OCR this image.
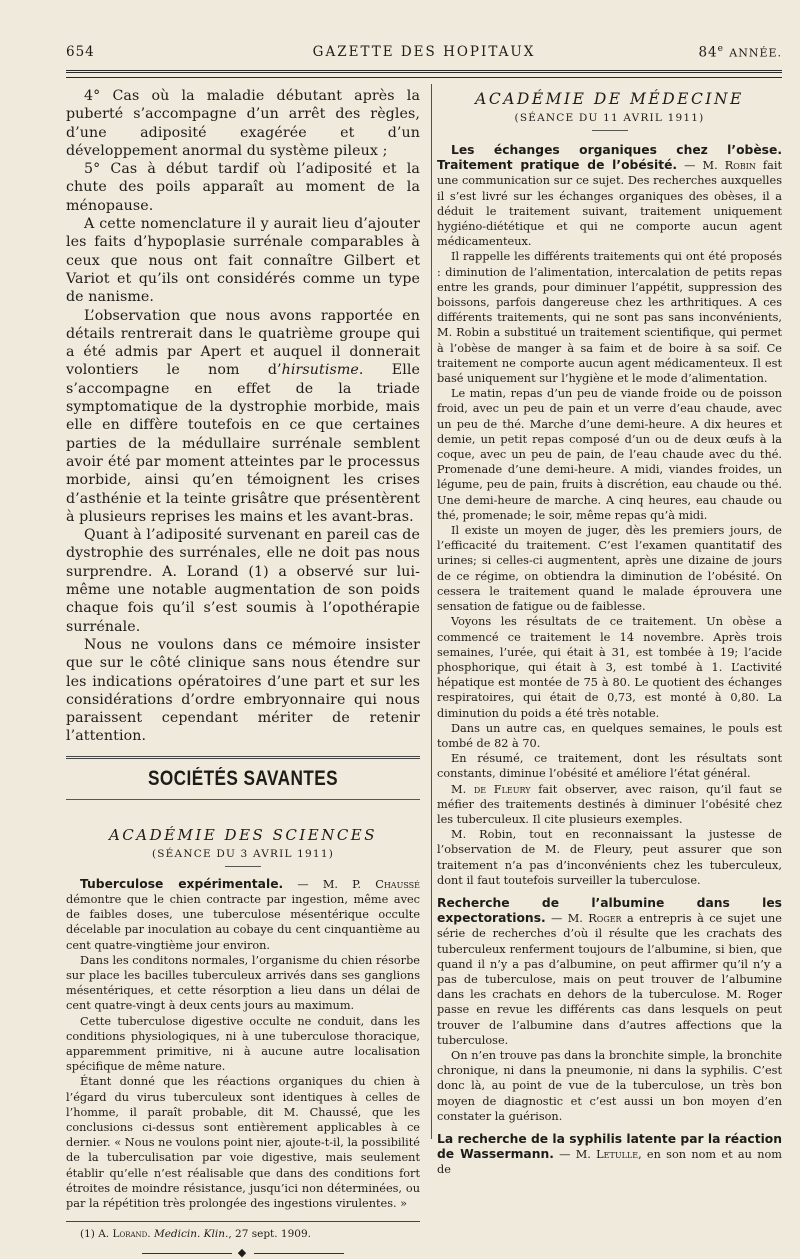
654	GAZETTE DES HOPITAUX	84e ANNÉE.

4° Cas où la maladie débutant après la puberté s’accompagne d’un arrêt des règles, d’une adiposité exagérée et d’un développement anormal du système pileux ;

5° Cas à début tardif où l’adiposité et la chute des poils apparaît au moment de la ménopause.

A cette nomenclature il y aurait lieu d’ajouter les faits d’hypoplasie surrénale comparables à ceux que nous ont fait connaître Gilbert et Variot et qu’ils ont considérés comme un type de nanisme.

L’observation que nous avons rapportée en détails rentrerait dans le quatrième groupe qui a été admis par Apert et auquel il donnerait volontiers le nom d’hirsutisme. Elle s’accompagne en effet de la triade symptomatique de la dystrophie morbide, mais elle en diffère toutefois en ce que certaines parties de la médullaire surrénale semblent avoir été par moment atteintes par le processus morbide, ainsi qu’en témoignent les crises d’asthénie et la teinte grisâtre que présentèrent à plusieurs reprises les mains et les avant-bras.

Quant à l’adiposité survenant en pareil cas de dystrophie des surrénales, elle ne doit pas nous surprendre. A. Lorand (1) a observé sur lui-même une notable augmentation de son poids chaque fois qu’il s’est soumis à l’opothérapie surrénale.

Nous ne voulons dans ce mémoire insister que sur le côté clinique sans nous étendre sur les indications opératoires d’une part et sur les considérations d’ordre embryonnaire qui nous paraissent cependant mériter de retenir l’attention.

SOCIÉTÉS SAVANTES

ACADÉMIE DES SCIENCES

(SÉANCE DU 3 AVRIL 1911)

Tuberculose expérimentale. — M. P. Chaussé démontre que le chien contracte par ingestion, même avec de faibles doses, une tuberculose mésentérique occulte décelable par inoculation au cobaye du cent cinquantième au cent quatre-vingtième jour environ.

Dans les conditons normales, l’organisme du chien résorbe sur place les bacilles tuberculeux arrivés dans ses ganglions mésentériques, et cette résorption a lieu dans un délai de cent quatre-vingt à deux cents jours au maximum.

Cette tuberculose digestive occulte ne conduit, dans les conditions physiologiques, ni à une tuberculose thoracique, apparemment primitive, ni à aucune autre localisation spécifique de même nature.

Étant donné que les réactions organiques du chien à l’égard du virus tuberculeux sont identiques à celles de l’homme, il paraît probable, dit M. Chaussé, que les conclusions ci-dessus sont entièrement applicables à ce dernier. « Nous ne voulons point nier, ajoute-t-il, la possibilité de la tuberculisation par voie digestive, mais seulement établir qu’elle n’est réalisable que dans des conditions fort étroites de moindre résistance, jusqu’ici non déterminées, ou par la répétition très prolongée des ingestions virulentes. »

(1) A. Lorand. Medicin. Klin., 27 sept. 1909.

◆

ACADÉMIE DE MÉDECINE

(SÉANCE DU 11 AVRIL 1911)

Les échanges organiques chez l’obèse. Traitement pratique de l’obésité. — M. Robin fait une communication sur ce sujet. Des recherches auxquelles il s’est livré sur les échanges organiques des obèses, il a déduit le traitement suivant, traitement uniquement hygiéno-diététique et qui ne comporte aucun agent médicamenteux.

Il rappelle les différents traitements qui ont été proposés : diminution de l’alimentation, intercalation de petits repas entre les grands, pour diminuer l’appétit, suppression des boissons, parfois dangereuse chez les arthritiques. A ces différents traitements, qui ne sont pas sans inconvénients, M. Robin a substitué un traitement scientifique, qui permet à l’obèse de manger à sa faim et de boire à sa soif. Ce traitement ne comporte aucun agent médicamenteux. Il est basé uniquement sur l’hygiène et le mode d’alimentation.

Le matin, repas d’un peu de viande froide ou de poisson froid, avec un peu de pain et un verre d’eau chaude, avec un peu de thé. Marche d’une demi-heure. A dix heures et demie, un petit repas composé d’un ou de deux œufs à la coque, avec un peu de pain, de l’eau chaude avec du thé. Promenade d’une demi-heure. A midi, viandes froides, un légume, peu de pain, fruits à discrétion, eau chaude ou thé. Une demi-heure de marche. A cinq heures, eau chaude ou thé, promenade; le soir, même repas qu’à midi.

Il existe un moyen de juger, dès les premiers jours, de l’efficacité du traitement. C’est l’examen quantitatif des urines; si celles-ci augmentent, après une dizaine de jours de ce régime, on obtiendra la diminution de l’obésité. On cessera le traitement quand le malade éprouvera une sensation de fatigue ou de faiblesse.

Voyons les résultats de ce traitement. Un obèse a commencé ce traitement le 14 novembre. Après trois semaines, l’urée, qui était à 31, est tombée à 19; l’acide phosphorique, qui était à 3, est tombé à 1. L’activité hépatique est montée de 75 à 80. Le quotient des échanges respiratoires, qui était de 0,73, est monté à 0,80. La diminution du poids a été très notable.

Dans un autre cas, en quelques semaines, le pouls est tombé de 82 à 70.

En résumé, ce traitement, dont les résultats sont constants, diminue l’obésité et améliore l’état général.

M. de Fleury fait observer, avec raison, qu’il faut se méfier des traitements destinés à diminuer l’obésité chez les tuberculeux. Il cite plusieurs exemples.

M. Robin, tout en reconnaissant la justesse de l’observation de M. de Fleury, peut assurer que son traitement n’a pas d’inconvénients chez les tuberculeux, dont il faut toutefois surveiller la tuberculose.

Recherche de l’albumine dans les expectorations. — M. Roger a entrepris à ce sujet une série de recherches d’où il résulte que les crachats des tuberculeux renferment toujours de l’albumine, si bien, que quand il n’y a pas d’albumine, on peut affirmer qu’il n’y a pas de tuberculose, mais on peut trouver de l’albumine dans les crachats en dehors de la tuberculose. M. Roger passe en revue les différents cas dans lesquels on peut trouver de l’albumine dans d’autres affections que la tuberculose.

On n’en trouve pas dans la bronchite simple, la bronchite chronique, ni dans la pneumonie, ni dans la syphilis. C’est donc là, au point de vue de la tuberculose, un très bon moyen de diagnostic et c’est aussi un bon moyen d’en constater la guérison.

La recherche de la syphilis latente par la réaction de Wassermann. — M. Letulle, en son nom et au nom de
